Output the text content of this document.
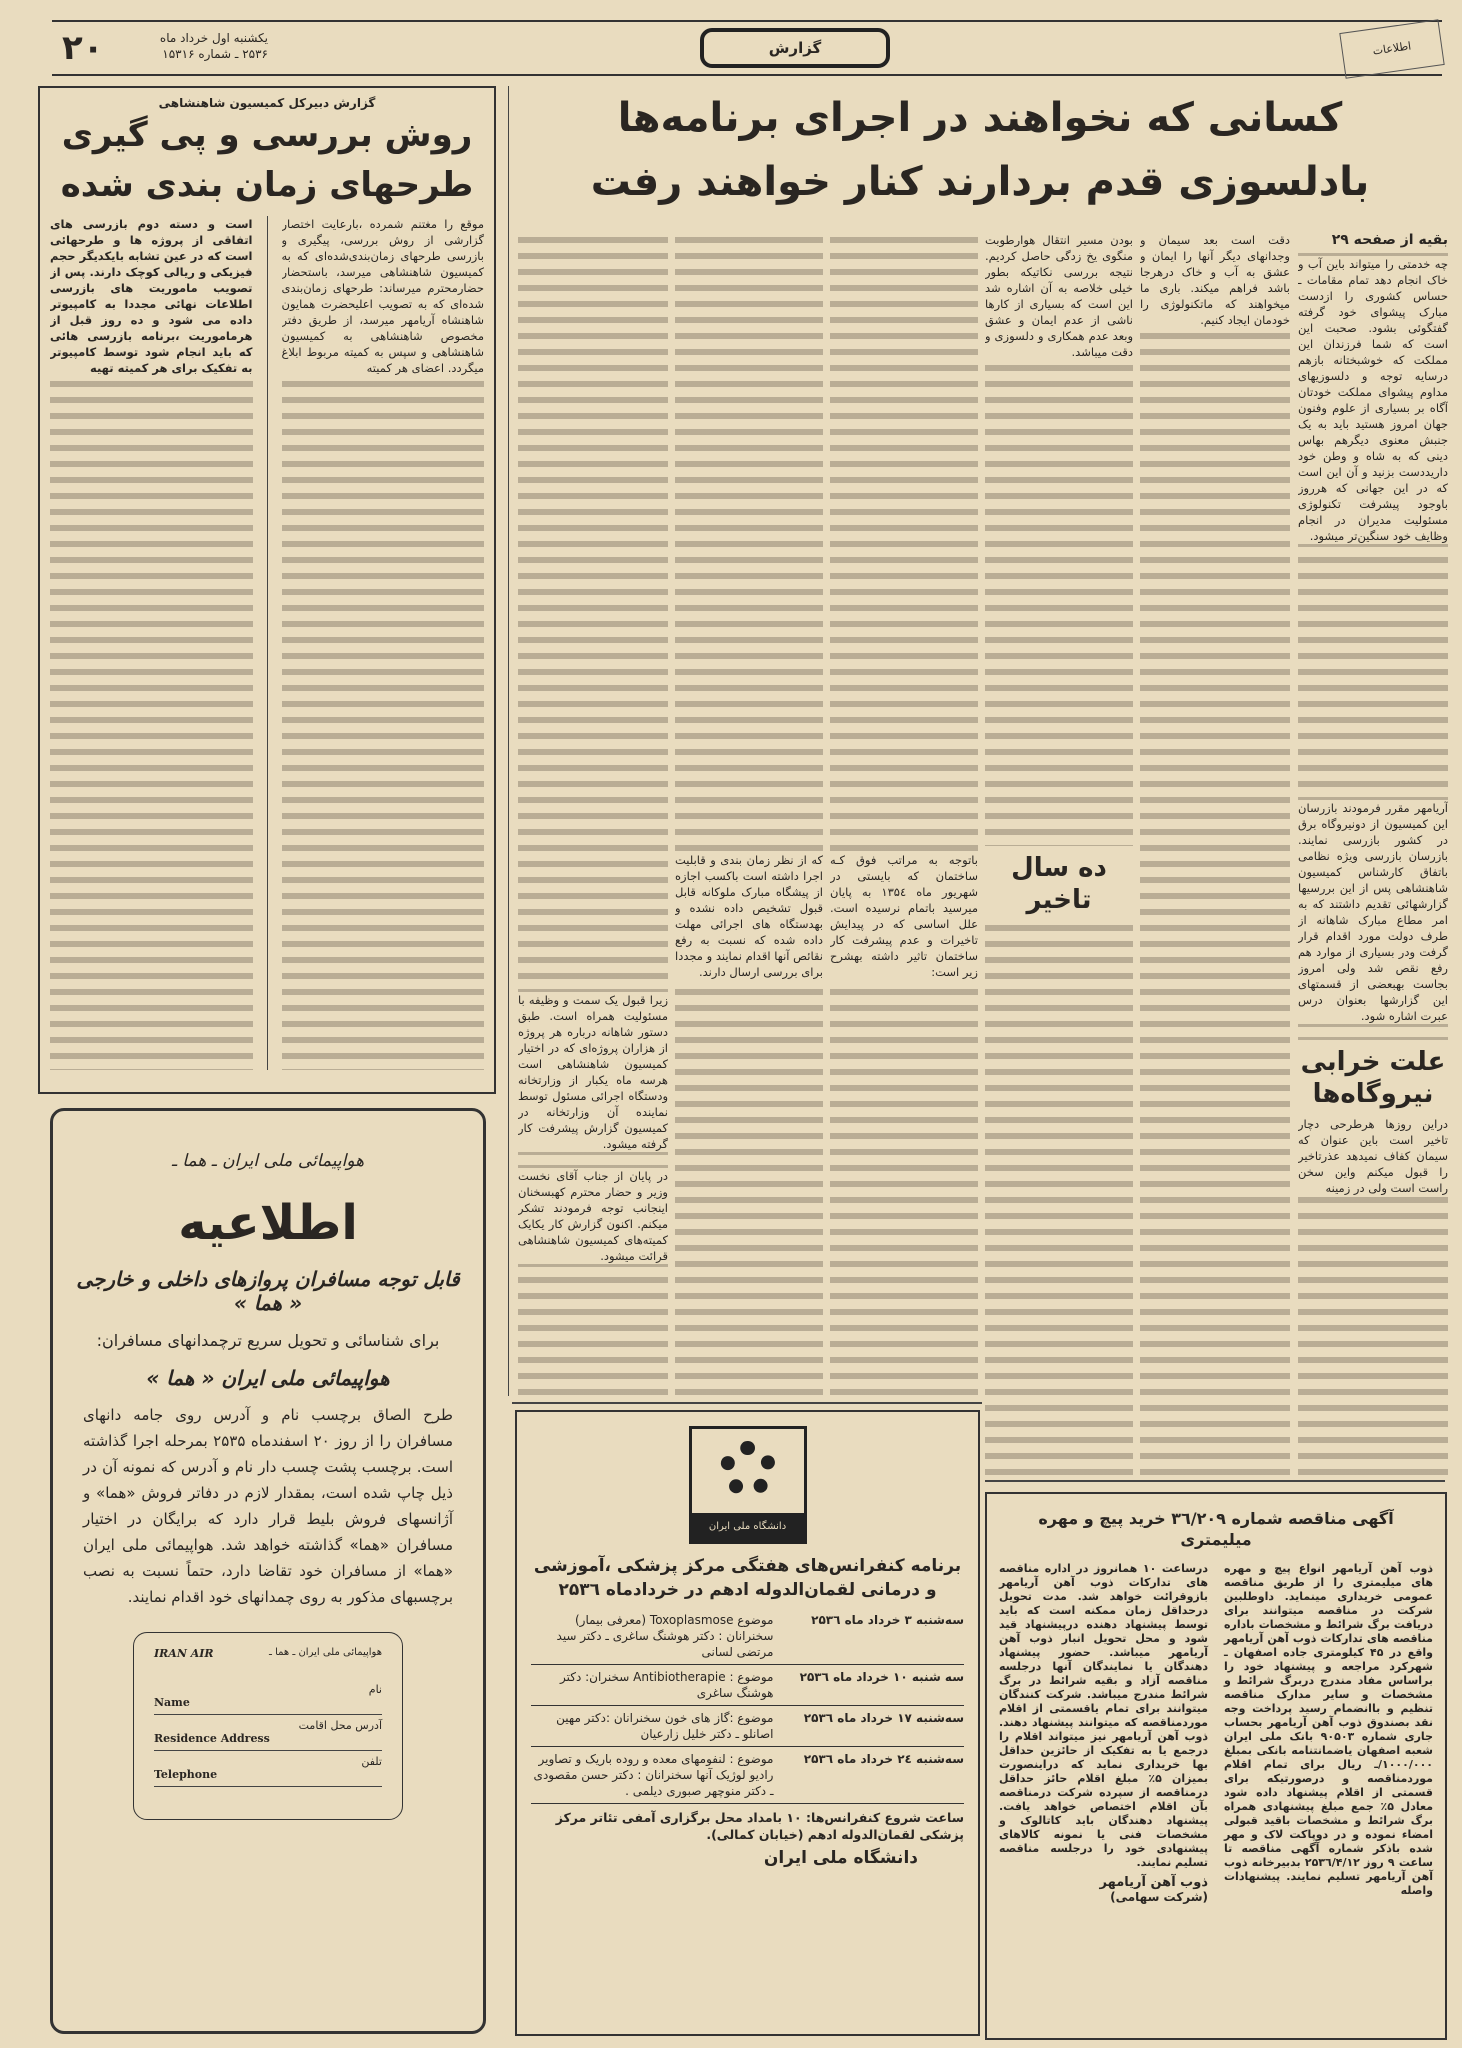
۲۰	یکشنبه اول خرداد ماه
۲۵۳۶ ـ شماره ۱۵۳۱۶	گزارش	اطلاعات
کسانی که نخواهند در اجرای برنامه‌ها
بادلسوزی قدم بردارند کنار خواهند رفت
بقیه از صفحه ۲۹

چه خدمتی را میتواند باین آب و خاک انجام دهد تمام مقامات ـ حساس کشوری را ازدست مبارک پیشوای خود گرفته گفتگوئی بشود. صحبت این است که شما فرزندان این مملکت که خوشبختانه بازهم درسایه توجه و دلسوزیهای مداوم پیشوای مملکت خودتان آگاه بر بسیاری از علوم وفنون جهان امروز هستید باید به یک جنبش معنوی دیگرهم بهاس دینی که به شاه و وطن خود داریددست بزنید و آن این است که در این جهانی که هرروز باوجود پیشرفت تکنولوژی مسئولیت مدیران در انجام وظایف خود سنگین‌تر میشود.

آریامهر مقرر فرمودند بازرسان این کمیسیون از دونیروگاه برق در کشور بازرسی نمایند. بازرسان بازرسی ویژه نظامی باتفاق کارشناس کمیسیون شاهنشاهی پس از این بررسیها گزارشهائی تقدیم داشتند که به امر مطاع مبارک شاهانه از طرف دولت مورد اقدام قرار گرفت ودر بسیاری از موارد هم رفع نقص شد ولی امروز بجاست بهبعضی از قسمتهای این گزارشها بعنوان درس عبرت اشاره شود.

علت خرابی نیروگاه‌ها

دراین روزها هرطرحی دچار تاخیر است باین عنوان که سیمان کفاف نمیدهد عذرتاخیر را قبول میکنم واین سخن راست است ولی در زمینه

دقت است بعد سیمان و وجدانهای دیگر آنها را ایمان و عشق به آب و خاک درهرجا باشد فراهم میکند. باری ما میخواهند که ماتکنولوژی را خودمان ایجاد کنیم.

بودن مسیر انتقال هوارطوبت منگوی یخ زدگی حاصل کردیم. نتیجه بررسی نکاتیکه بطور خیلی خلاصه به آن اشاره شد این است که بسیاری از کارها ناشی از عدم ایمان و عشق وبعد عدم همکاری و دلسوزی و دقت میباشد.

ده سال تاخیر

باتوجه به مراتب فوق کـه ساختمان که بایستی در شهریور ماه ۱۳۵٤ به پایان میرسید باتمام نرسیده است. علل اساسی که در پیدایش تاخیرات و عدم پیشرفت کار ساختمان تاثیر داشته بهشرح زیر است:

که از نظر زمان بندی و قابلیت اجرا داشته است باکسب اجازه از پیشگاه مبارک ملوکانه قابل قبول تشخیص داده نشده و بهدستگاه های اجرائی مهلت داده شده که نسبت به رفع نقائص آنها اقدام نمایند و مجددا برای بررسی ارسال دارند.

زیرا قبول یک سمت و وظیفه با مسئولیت همراه است. طبق دستور شاهانه درباره هر پروژه از هزاران پروژه‌ای که در اختیار کمیسیون شاهنشاهی است هرسه ماه یکبار از وزارتخانه ودستگاه اجرائی مسئول توسط نماینده آن وزارتخانه در کمیسیون گزارش پیشرفت کار گرفته میشود.

در پایان از جناب آقای نخست وزیر و حضار محترم کهبسخنان اینجانب توجه فرمودند تشکر میکنم. اکنون گزارش کار یکایک کمیته‌های کمیسیون شاهنشاهی قرائت میشود.

گزارش دبیرکل کمیسیون شاهنشاهی
روش بررسی و پی گیری
طرحهای زمان بندی شده

موقع را مغتنم شمرده ،بارعایت اختصار گزارشی از روش بررسی، پیگیری و بازرسی طرحهای زمان‌بندی‌شده‌ای که به کمیسیون شاهنشاهی میرسد، باستحضار حضارمحترم میرساند: طرحهای زمان‌بندی شده‌ای که به تصویب اعلیحضرت همایون شاهنشاه آریامهر میرسد، از طریق دفتر مخصوص شاهنشاهی به کمیسیون شاهنشاهی و سپس به کمیته مربوط ابلاغ میگردد. اعضای هر کمیته

است و دسته دوم بازرسی های اتفاقی از پروژه ها و طرحهائی است که در عین تشابه بایکدیگر حجم فیزیکی و ریالی کوچک دارند. پس از تصویب ماموریت های بازرسی اطلاعات نهائی مجددا به کامپیوتر داده می شود و ده روز قبل از هرماموریت ،برنامه بازرسی هائی که باید انجام شود توسط کامپیوتر به تفکیک برای هر کمیته تهیه

هواپیمائی ملی ایران ـ هما ـ
اطلاعیه
قابل توجه مسافران پروازهای داخلی و خارجی « هما »
برای شناسائی و تحویل سریع ترچمدانهای مسافران:
هواپیمائی ملی ایران « هما »
طرح الصاق برچسب نام و آدرس روی جامه دانهای مسافران را از روز ۲۰ اسفندماه ۲۵۳۵ بمرحله اجرا گذاشته است. برچسب پشت چسب دار نام و آدرس که نمونه آن در ذیل چاپ شده است، بمقدار لازم در دفاتر فروش «هما» و آژانسهای فروش بلیط قرار دارد که برایگان در اختیار مسافران «هما» گذاشته خواهد شد. هواپیمائی ملی ایران «هما» از مسافران خود تقاضا دارد، حتماً نسبت به نصب برچسبهای مذکور به روی چمدانهای خود اقدام نمایند.
IRAN AIR	هواپیمائی ملی ایران ـ هما ـ
نام
Name
آدرس محل اقامت
Residence Address
تلفن
Telephone
دانشگاه ملی ایران
برنامه کنفرانس‌های هفتگی مرکز پزشکی ،آموزشی و درمانی لقمان‌الدوله ادهم در خردادماه ۲۵۳٦
سه‌شنبه ۳ خرداد ماه ۲۵۳٦
موضوع Toxoplasmose (معرفی بیمار) سخنرانان : دکتر هوشنگ ساغری ـ دکتر سید مرتضی لسانی
سه شنبه ۱۰ خرداد ماه ۲۵۳٦
موضوع : Antibiotherapie سخنران: دکتر هوشنگ ساغری
سه‌شنبه ۱۷ خرداد ماه ۲۵۳٦
موضوع :گاز های خون سخنرانان :دکتر مهین اصانلو ـ دکتر خلیل زارعیان
سه‌شنبه ۲٤ خرداد ماه ۲۵۳٦
موضوع : لنفومهای معده و روده باریک و تصاویر رادیو لوژیک آنها سخنرانان : دکتر حسن مقصودی ـ دکتر منوچهر صبوری دیلمی .
ساعت شروع کنفرانس‌ها: ۱۰ بامداد محل برگزاری آمفی تئاتر مرکز پزشکی لقمان‌الدوله ادهم (خیابان کمالی).
دانشگاه ملی ایران
آگهی مناقصه شماره ۳٦/۲۰۹ خرید پیچ و مهره میلیمتری
ذوب آهن آریامهر انواع پیچ و مهره های میلیمتری را از طریق مناقصه عمومی خریداری مینماید. داوطلبین شرکت در مناقصه میتوانند برای دریافت برگ شرائط و مشخصات باداره مناقصه های تدارکات ذوب آهن آریامهر واقع در ۴۵ کیلومتری جاده اصفهان ـ شهرکرد مراجعه و پیشنهاد خود را براساس مفاد مندرج دربرگ شرائط و مشخصات و سایر مدارک مناقصه تنظیم و باانضمام رسید پرداخت وجه نقد بصندوق ذوب آهن آریامهر بحساب جاری شماره ۹۰۵۰۳ بانک ملی ایران شعبه اصفهان یاضمانتنامه بانکی بمبلغ ۱۰۰۰/۰۰۰/ـ ریال برای تمام اقلام موردمناقصه و درصورتیکه برای قسمتی از اقلام پیشنهاد داده شود معادل ۵٪ جمع مبلغ پیشنهادی همراه برگ شرائط و مشخصات باقید قبولی امضاء نموده و در دوپاکت لاک و مهر شده باذکر شماره آگهی مناقصه تا ساعت ۹ روز ۲۵۳٦/۴/۱۲ بدبیرخانه ذوب آهن آریامهر تسلیم نمایند. پیشنهادات واصله
درساعت ۱۰ همانروز در اداره مناقصه های تدارکات ذوب آهن آریامهر بازوقرائت خواهد شد. مدت تحویل درحداقل زمان ممکنه است که باید توسط پیشنهاد دهنده درپیشنهاد قید شود و محل تحویل انبار ذوب آهن آریامهر میباشد. حضور پیشنهاد دهندگان یا نمایندگان آنها درجلسه مناقصه آزاد و بقیه شرائط در برگ شرائط مندرج میباشد. شرکت کنندگان میتوانند برای تمام یاقسمتی از اقلام موردمناقصه که میتوانند پیشنهاد دهند. ذوب آهن آریامهر نیز میتواند اقلام را درجمع یا به تفکیک از حائزین حداقل بها خریداری نماید که دراینصورت بمیزان ۵٪ مبلغ اقلام حائز حداقل درمناقصه از سپرده شرکت درمناقصه بآن اقلام اختصاص خواهد یافت. پیشنهاد دهندگان باید کاتالوک و مشخصات فنی یا نمونه کالاهای پیشنهادی خود را درجلسه مناقصه تسلیم نمایند.
ذوب آهن آریامهر
(شرکت سهامی)
